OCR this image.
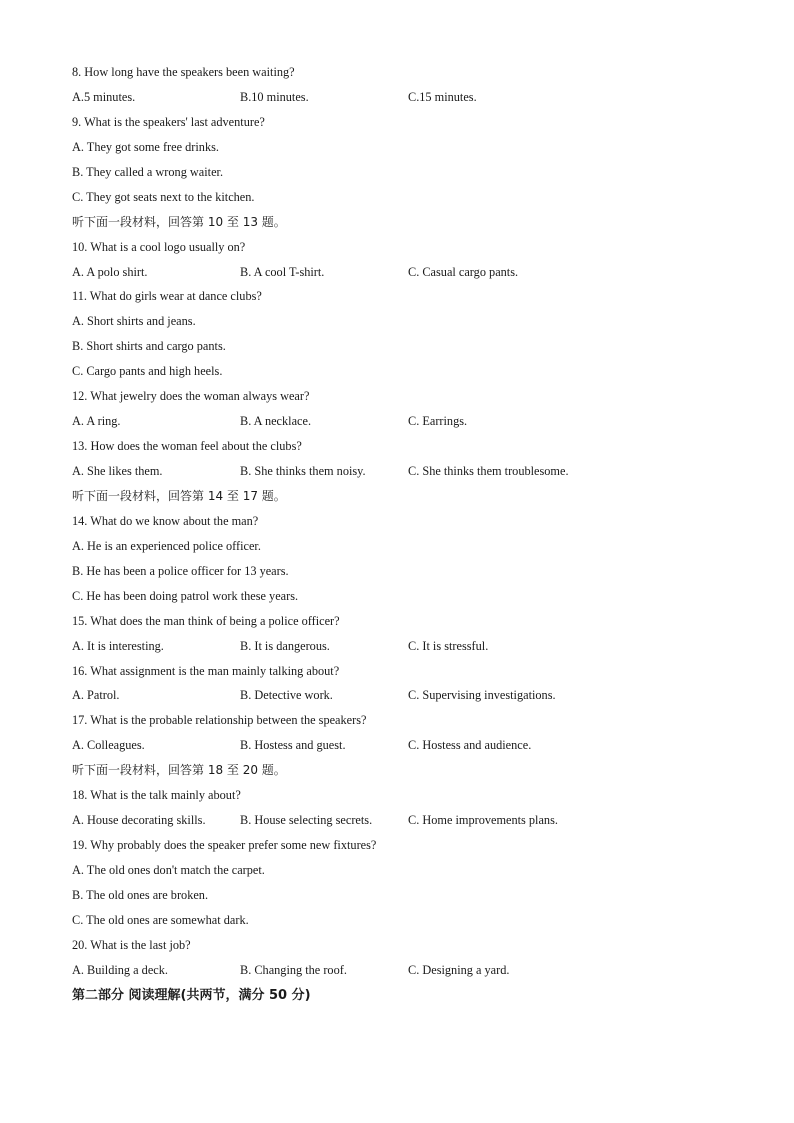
8. How long have the speakers been waiting?
A.5 minutes.	B.10 minutes.	C.15 minutes.
9. What is the speakers' last adventure?
A. They got some free drinks.
B. They called a wrong waiter.
C. They got seats next to the kitchen.
听下面一段材料，回答第 10 至 13 题。
10. What is a cool logo usually on?
A. A polo shirt.	B. A cool T-shirt.	C. Casual cargo pants.
11. What do girls wear at dance clubs?
A. Short shirts and jeans.
B. Short shirts and cargo pants.
C. Cargo pants and high heels.
12. What jewelry does the woman always wear?
A. A ring.	B. A necklace.	C. Earrings.
13. How does the woman feel about the clubs?
A. She likes them.	B. She thinks them noisy.	C. She thinks them troublesome.
听下面一段材料，回答第 14 至 17 题。
14. What do we know about the man?
A. He is an experienced police officer.
B. He has been a police officer for 13 years.
C. He has been doing patrol work these years.
15. What does the man think of being a police officer?
A. It is interesting.	B. It is dangerous.	C. It is stressful.
16. What assignment is the man mainly talking about?
A. Patrol.	B. Detective work.	C. Supervising investigations.
17. What is the probable relationship between the speakers?
A. Colleagues.	B. Hostess and guest.	C. Hostess and audience.
听下面一段材料，回答第 18 至 20 题。
18. What is the talk mainly about?
A. House decorating skills.	B. House selecting secrets.	C. Home improvements plans.
19. Why probably does the speaker prefer some new fixtures?
A. The old ones don't match the carpet.
B. The old ones are broken.
C. The old ones are somewhat dark.
20. What is the last job?
A. Building a deck.	B. Changing the roof.	C. Designing a yard.
第二部分 阅读理解(共两节，满分 50 分)
